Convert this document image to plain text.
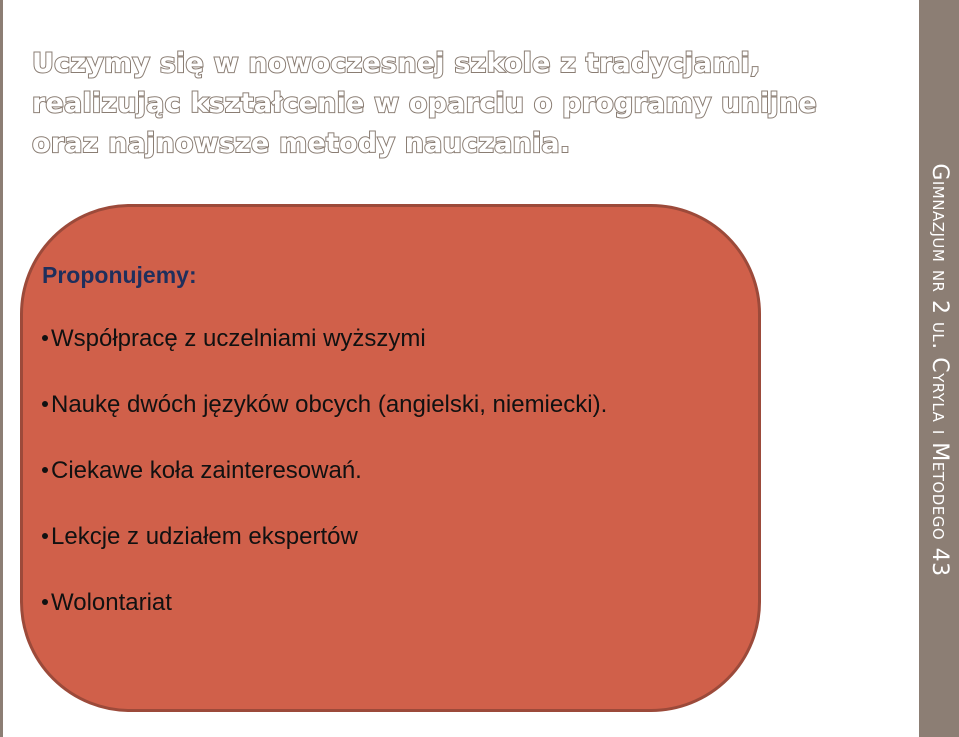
Uczymy się w nowoczesnej szkole z tradycjami, realizując kształcenie w oparciu o programy unijne oraz najnowsze metody nauczania.

Proponujemy:

Współpracę z uczelniami wyższymi
Naukę dwóch języków obcych (angielski, niemiecki).
Ciekawe koła zainteresowań.
Lekcje z udziałem ekspertów
Wolontariat
Gimnazjum nr 2 ul. Cyryla i Metodego 43
